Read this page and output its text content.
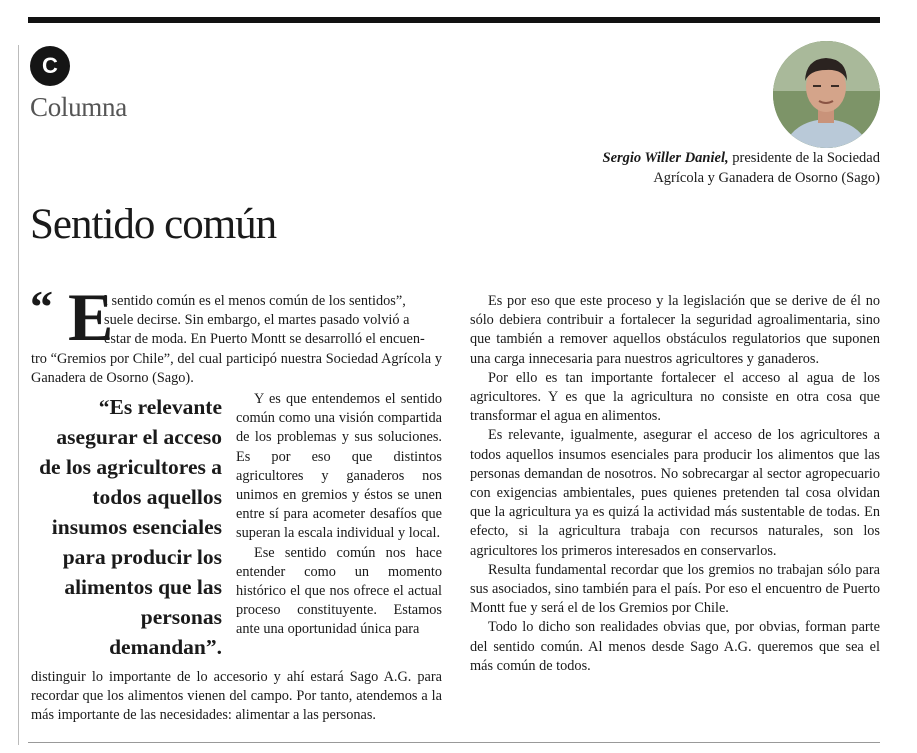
C
Columna
Sergio Willer Daniel, presidente de la Sociedad
Agrícola y Ganadera de Osorno (Sago)
Sentido común
“ E
l sentido común es el menos común de los sentidos”,
suele decirse. Sin embargo, el martes pasado volvió a
estar de moda. En Puerto Montt se desarrolló el encuen-
tro “Gremios por Chile”, del cual participó nuestra Sociedad Agrícola y Ganadera de Osorno (Sago).
“Es relevante asegurar el acceso de los agricultores a todos aquellos insumos esenciales para producir los alimentos que las personas demandan”.

Y es que entendemos el sentido común como una visión compartida de los problemas y sus soluciones. Es por eso que distintos agricultores y ganaderos nos unimos en gremios y éstos se unen entre sí para acometer desafíos que superan la escala individual y local.

Ese sentido común nos hace entender como un momento histórico el que nos ofrece el actual proceso constituyente. Estamos ante una oportunidad única para

distinguir lo importante de lo accesorio y ahí estará Sago A.G. para recordar que los alimentos vienen del campo. Por tanto, atendemos a la más importante de las necesidades: alimentar a las personas.

Es por eso que este proceso y la legislación que se derive de él no sólo debiera contribuir a fortalecer la seguridad agroalimentaria, sino que también a remover aquellos obstáculos regulatorios que suponen una carga innecesaria para nuestros agricultores y ganaderos.

Por ello es tan importante fortalecer el acceso al agua de los agricultores. Y es que la agricultura no consiste en otra cosa que transformar el agua en alimentos.

Es relevante, igualmente, asegurar el acceso de los agricultores a todos aquellos insumos esenciales para producir los alimentos que las personas demandan de nosotros. No sobrecargar al sector agropecuario con exigencias ambientales, pues quienes pretenden tal cosa olvidan que la agricultura ya es quizá la actividad más sustentable de todas. En efecto, si la agricultura trabaja con recursos naturales, son los agricultores los primeros interesados en conservarlos.

Resulta fundamental recordar que los gremios no trabajan sólo para sus asociados, sino también para el país. Por eso el encuentro de Puerto Montt fue y será el de los Gremios por Chile.

Todo lo dicho son realidades obvias que, por obvias, forman parte del sentido común. Al menos desde Sago A.G. queremos que sea el más común de todos.
